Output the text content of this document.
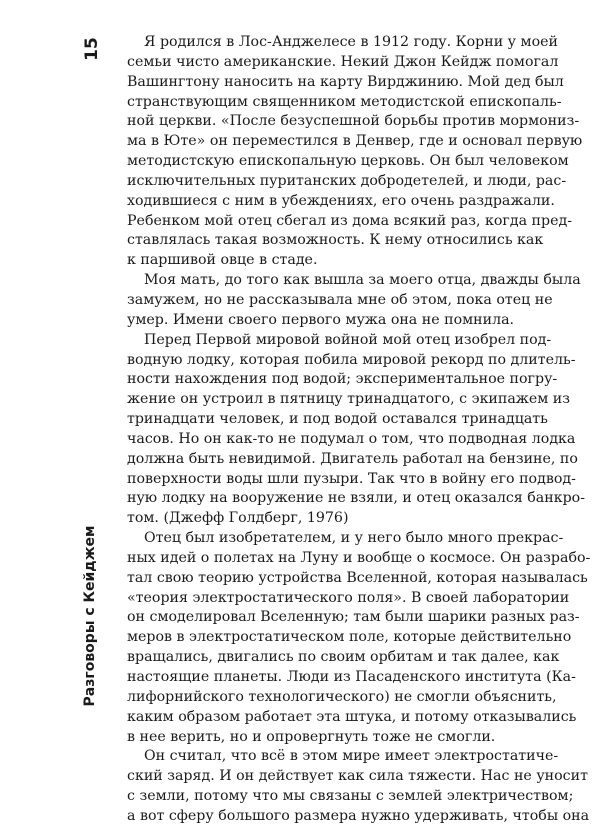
15
Разговоры с Кейджем
Я родился в Лос-Анджелесе в 1912 году. Корни у моей
семьи чисто американские. Некий Джон Кейдж помогал
Вашингтону наносить на карту Вирджинию. Мой дед был
странствующим священником методистской епископаль-
ной церкви. «После безуспешной борьбы против мормониз-
ма в Юте» он переместился в Денвер, где и основал первую
методистскую епископальную церковь. Он был человеком
исключительных пуританских добродетелей, и люди, рас-
ходившиеся с ним в убеждениях, его очень раздражали.
Ребенком мой отец сбегал из дома всякий раз, когда пред-
ставлялась такая возможность. К нему относились как
к паршивой овце в стаде.
Моя мать, до того как вышла за моего отца, дважды была
замужем, но не рассказывала мне об этом, пока отец не
умер. Имени своего первого мужа она не помнила.
Перед Первой мировой войной мой отец изобрел под-
водную лодку, которая побила мировой рекорд по длитель-
ности нахождения под водой; экспериментальное погру-
жение он устроил в пятницу тринадцатого, с экипажем из
тринадцати человек, и под водой оставался тринадцать
часов. Но он как-то не подумал о том, что подводная лодка
должна быть невидимой. Двигатель работал на бензине, по
поверхности воды шли пузыри. Так что в войну его подвод-
ную лодку на вооружение не взяли, и отец оказался банкро-
том. (Джефф Голдберг, 1976)
Отец был изобретателем, и у него было много прекрас-
ных идей о полетах на Луну и вообще о космосе. Он разрабо-
тал свою теорию устройства Вселенной, которая называлась
«теория электростатического поля». В своей лаборатории
он смоделировал Вселенную; там были шарики разных раз-
меров в электростатическом поле, которые действительно
вращались, двигались по своим орбитам и так далее, как
настоящие планеты. Люди из Пасаденского института (Ка-
лифорнийского технологического) не смогли объяснить,
каким образом работает эта штука, и потому отказывались
в нее верить, но и опровергнуть тоже не смогли.
Он считал, что всё в этом мире имеет электростатиче-
ский заряд. И он действует как сила тяжести. Нас не уносит
с земли, потому что мы связаны с землей электричеством;
а вот сферу большого размера нужно удерживать, чтобы она
